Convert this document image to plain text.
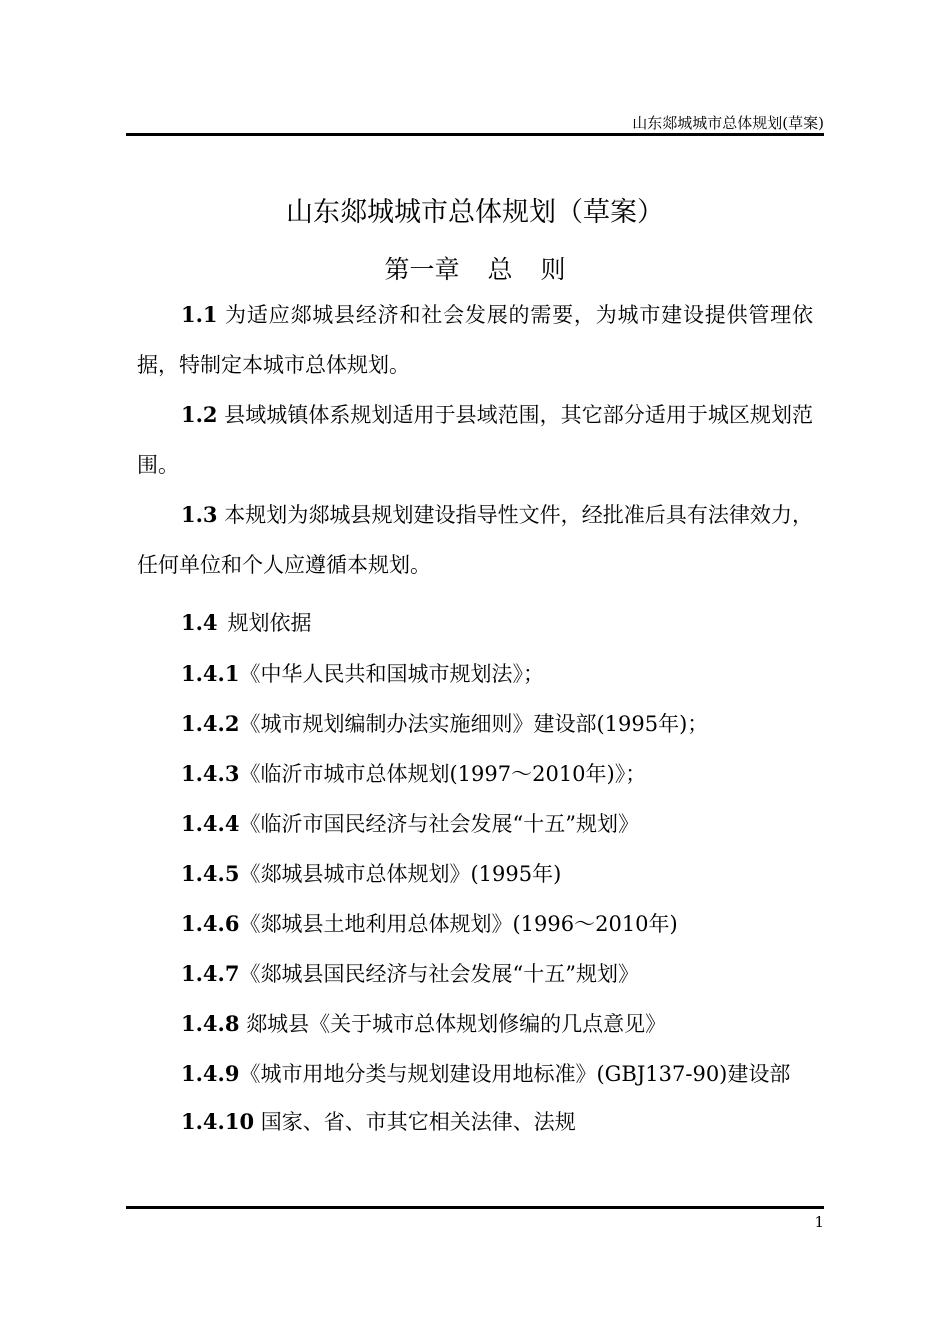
山东郯城城市总体规划(草案)
山东郯城城市总体规划（草案）
第一章 总 则
1.1 为适应郯城县经济和社会发展的需要，为城市建设提供管理依据，特制定本城市总体规划。
1.2 县域城镇体系规划适用于县域范围，其它部分适用于城区规划范围。
1.3 本规划为郯城县规划建设指导性文件，经批准后具有法律效力，任何单位和个人应遵循本规划。
1.4 规划依据
1.4.1《中华人民共和国城市规划法》；
1.4.2《城市规划编制办法实施细则》建设部(1995年)；
1.4.3《临沂市城市总体规划(1997～2010年)》；
1.4.4《临沂市国民经济与社会发展“十五”规划》
1.4.5《郯城县城市总体规划》(1995年)
1.4.6《郯城县土地利用总体规划》(1996～2010年)
1.4.7《郯城县国民经济与社会发展“十五”规划》
1.4.8 郯城县《关于城市总体规划修编的几点意见》
1.4.9《城市用地分类与规划建设用地标准》(GBJ137-90)建设部
1.4.10 国家、省、市其它相关法律、法规
1
